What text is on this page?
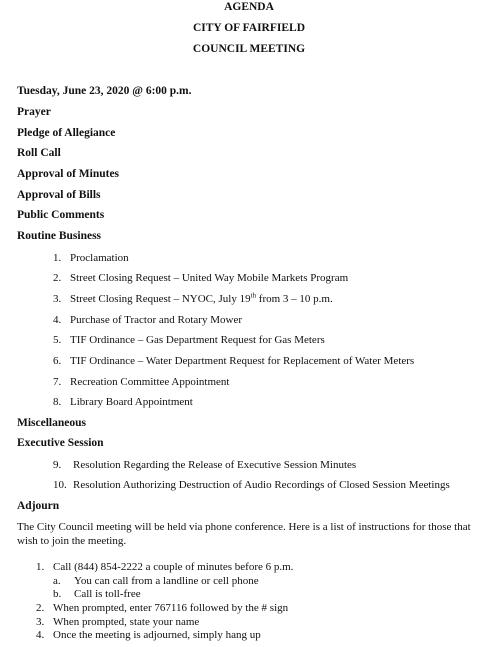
AGENDA
CITY OF FAIRFIELD
COUNCIL MEETING
Tuesday, June 23, 2020 @ 6:00 p.m.
Prayer
Pledge of Allegiance
Roll Call
Approval of Minutes
Approval of Bills
Public Comments
Routine Business
1. Proclamation
2. Street Closing Request – United Way Mobile Markets Program
3. Street Closing Request – NYOC, July 19th from 3 – 10 p.m.
4. Purchase of Tractor and Rotary Mower
5. TIF Ordinance – Gas Department Request for Gas Meters
6. TIF Ordinance – Water Department Request for Replacement of Water Meters
7. Recreation Committee Appointment
8. Library Board Appointment
Miscellaneous
Executive Session
9. Resolution Regarding the Release of Executive Session Minutes
10. Resolution Authorizing Destruction of Audio Recordings of Closed Session Meetings
Adjourn
The City Council meeting will be held via phone conference. Here is a list of instructions for those that wish to join the meeting.
1. Call (844) 854-2222 a couple of minutes before 6 p.m.
a. You can call from a landline or cell phone
b. Call is toll-free
2. When prompted, enter 767116 followed by the # sign
3. When prompted, state your name
4. Once the meeting is adjourned, simply hang up
